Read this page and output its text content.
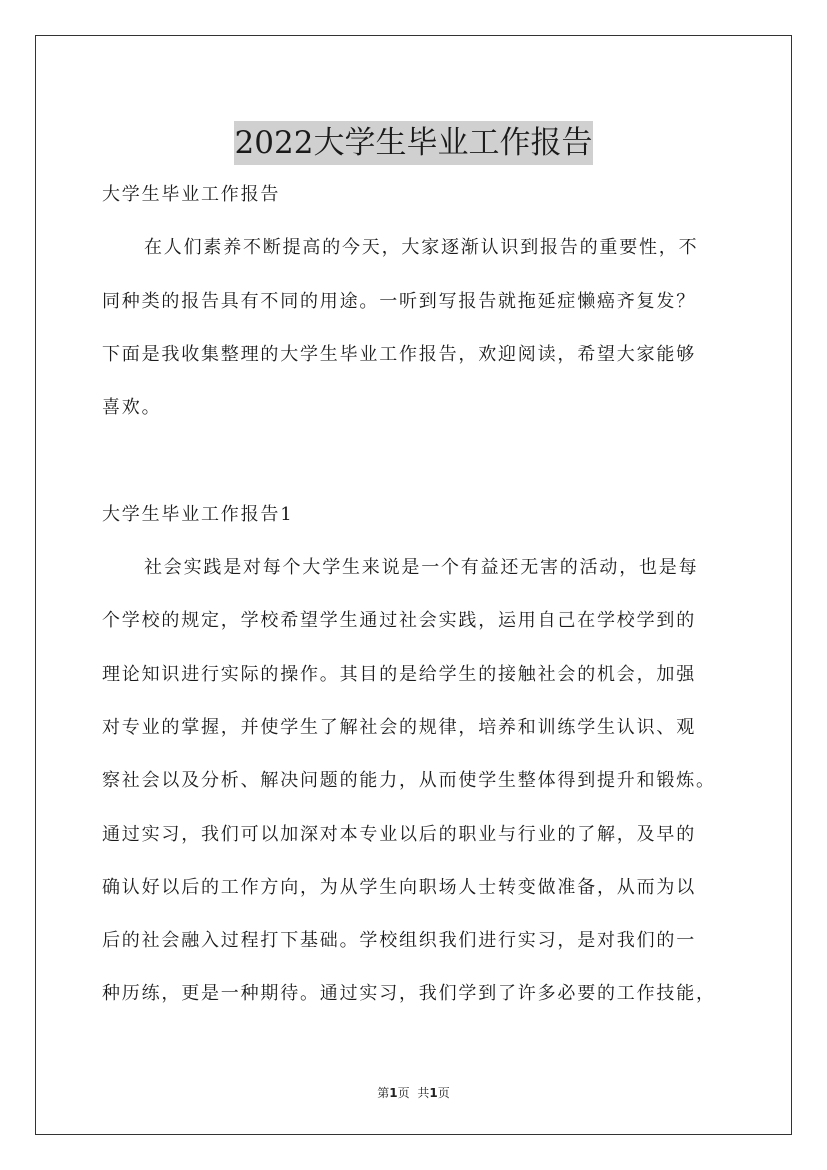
2022大学生毕业工作报告
大学生毕业工作报告
在人们素养不断提高的今天，大家逐渐认识到报告的重要性，不
同种类的报告具有不同的用途。一听到写报告就拖延症懒癌齐复发？
下面是我收集整理的大学生毕业工作报告，欢迎阅读，希望大家能够
喜欢。
大学生毕业工作报告1
社会实践是对每个大学生来说是一个有益还无害的活动，也是每
个学校的规定，学校希望学生通过社会实践，运用自己在学校学到的
理论知识进行实际的操作。其目的是给学生的接触社会的机会，加强
对专业的掌握，并使学生了解社会的规律，培养和训练学生认识、观
察社会以及分析、解决问题的能力，从而使学生整体得到提升和锻炼。
通过实习，我们可以加深对本专业以后的职业与行业的了解，及早的
确认好以后的工作方向，为从学生向职场人士转变做准备，从而为以
后的社会融入过程打下基础。学校组织我们进行实习，是对我们的一
种历练，更是一种期待。通过实习，我们学到了许多必要的工作技能，
第1页 共1页
